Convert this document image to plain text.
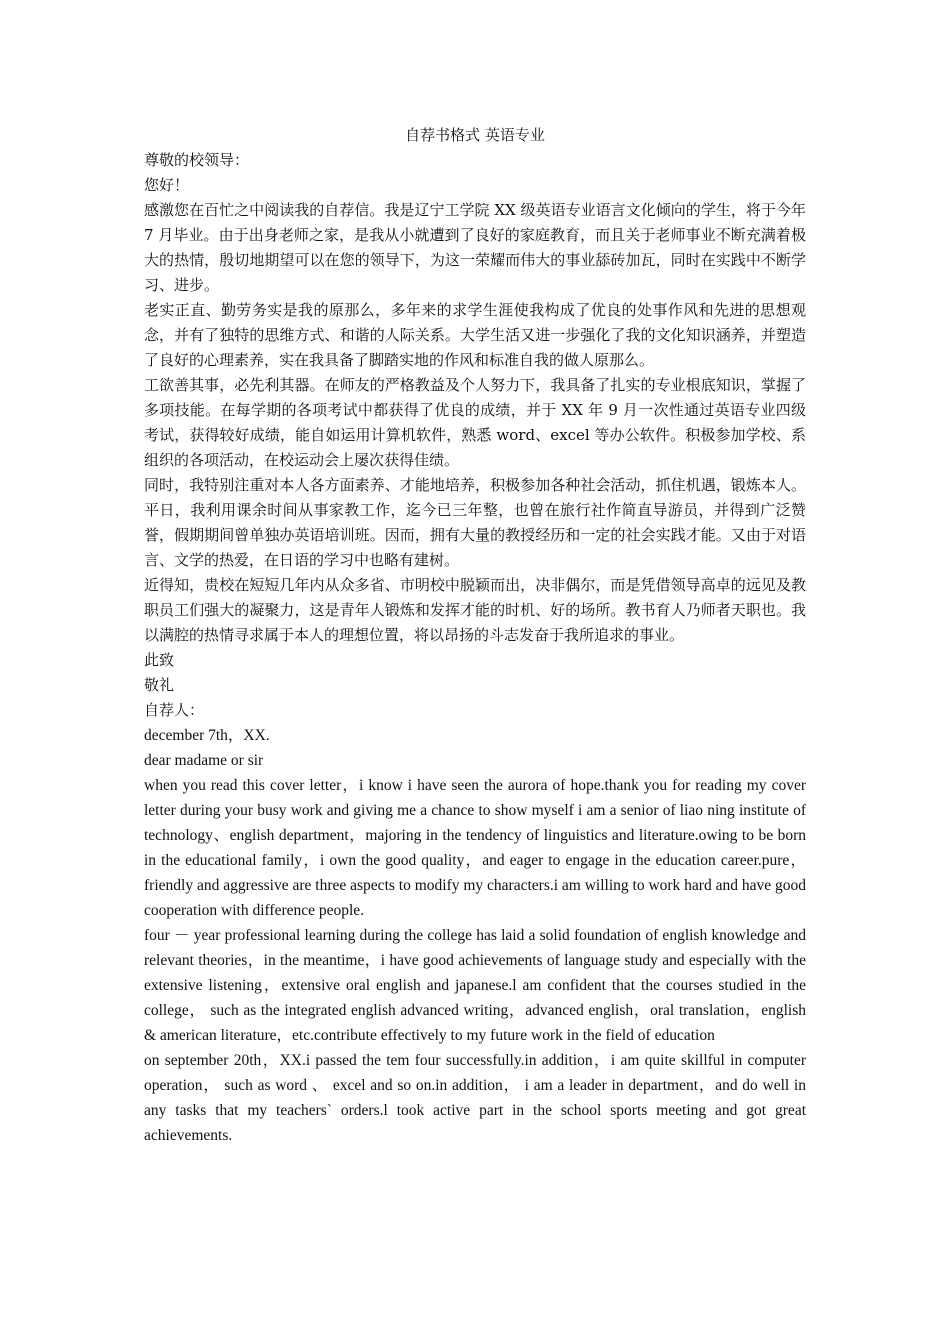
自荐书格式 英语专业

尊敬的校领导：

您好！

感激您在百忙之中阅读我的自荐信。我是辽宁工学院 XX 级英语专业语言文化倾向的学生，将于今年 7 月毕业。由于出身老师之家，是我从小就遭到了良好的家庭教育，而且关于老师事业不断充满着极大的热情，殷切地期望可以在您的领导下，为这一荣耀而伟大的事业舔砖加瓦，同时在实践中不断学习、进步。

老实正直、勤劳务实是我的原那么，多年来的求学生涯使我构成了优良的处事作风和先进的思想观念，并有了独特的思维方式、和谐的人际关系。大学生活又进一步强化了我的文化知识涵养，并塑造了良好的心理素养，实在我具备了脚踏实地的作风和标准自我的做人原那么。

工欲善其事，必先利其器。在师友的严格教益及个人努力下，我具备了扎实的专业根底知识，掌握了多项技能。在每学期的各项考试中都获得了优良的成绩，并于 XX 年 9 月一次性通过英语专业四级考试，获得较好成绩，能自如运用计算机软件，熟悉 word、excel 等办公软件。积极参加学校、系组织的各项活动，在校运动会上屡次获得佳绩。

同时，我特别注重对本人各方面素养、才能地培养，积极参加各种社会活动，抓住机遇，锻炼本人。平日，我利用课余时间从事家教工作，迄今已三年整，也曾在旅行社作简直导游员，并得到广泛赞誉，假期期间曾单独办英语培训班。因而，拥有大量的教授经历和一定的社会实践才能。又由于对语言、文学的热爱，在日语的学习中也略有建树。

近得知，贵校在短短几年内从众多省、市明校中脱颖而出，决非偶尔，而是凭借领导高卓的远见及教职员工们强大的凝聚力，这是青年人锻炼和发挥才能的时机、好的场所。教书育人乃师者天职也。我以满腔的热情寻求属于本人的理想位置，将以昂扬的斗志发奋于我所追求的事业。

此致

敬礼

自荐人：

december 7th，XX.

dear madame or sir

when you read this cover letter，i know i have seen the aurora of hope.thank you for reading my cover letter during your busy work and giving me a chance to show myself i am a senior of liao ning institute of technology、english department，majoring in the tendency of linguistics and literature.owing to be born in the educational family，i own the good quality，and eager to engage in the education career.pure，friendly and aggressive are three aspects to modify my characters.i am willing to work hard and have good cooperation with difference people.

four － year professional learning during the college has laid a solid foundation of english knowledge and relevant theories，in the meantime，i have good achievements of language study and especially with the extensive listening，extensive oral english and japanese.l am confident that the courses studied in the college， such as the integrated english advanced writing，advanced english，oral translation，english & american literature，etc.contribute effectively to my future work in the field of education

on september 20th，XX.i passed the tem four successfully.in addition，i am quite skillful in computer operation， such as word 、 excel and so on.in addition， i am a leader in department，and do well in any tasks that my teachers` orders.l took active part in the school sports meeting and got great achievements.
